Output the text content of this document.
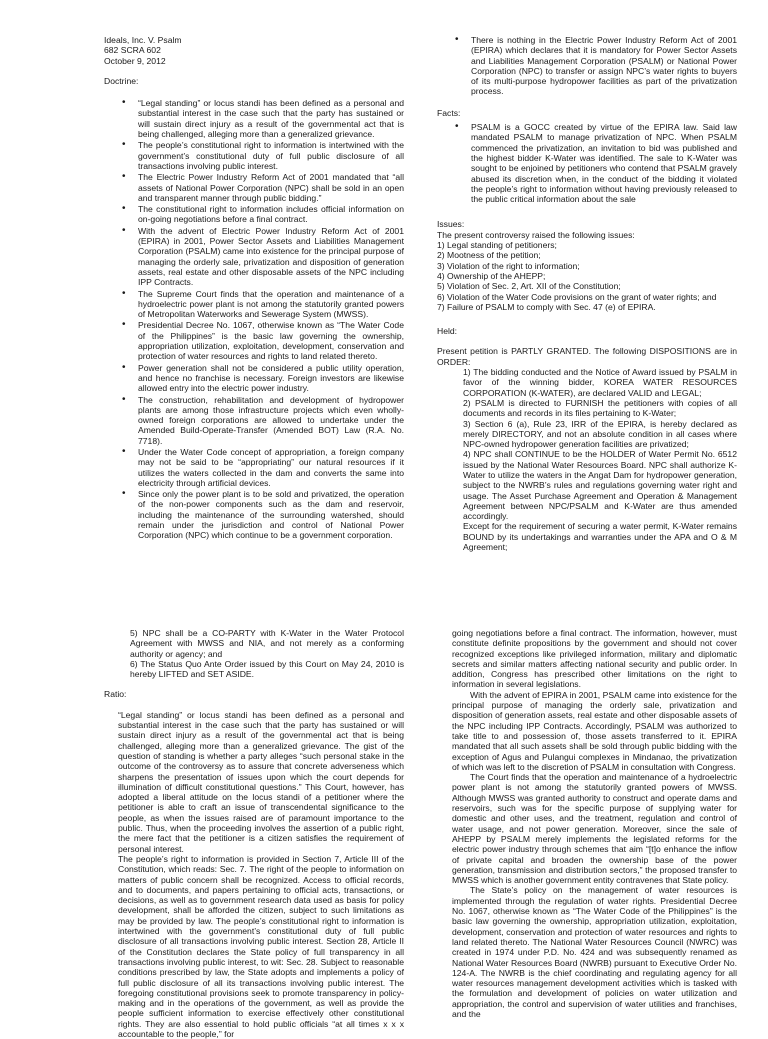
Ideals, Inc. V. Psalm
682 SCRA 602
October 9, 2012
Doctrine:
• “Legal standing” or locus standi has been defined as a personal and substantial interest in the case such that the party has sustained or will sustain direct injury as a result of the governmental act that is being challenged, alleging more than a generalized grievance.
• The people’s constitutional right to information is intertwined with the government’s constitutional duty of full public disclosure of all transactions involving public interest.
• The Electric Power Industry Reform Act of 2001 mandated that “all assets of National Power Corporation (NPC) shall be sold in an open and transparent manner through public bidding.”
• The constitutional right to information includes official information on on-going negotiations before a final contract.
• With the advent of Electric Power Industry Reform Act of 2001 (EPIRA) in 2001, Power Sector Assets and Liabilities Management Corporation (PSALM) came into existence for the principal purpose of managing the orderly sale, privatization and disposition of generation assets, real estate and other disposable assets of the NPC including IPP Contracts.
• The Supreme Court finds that the operation and maintenance of a hydroelectric power plant is not among the statutorily granted powers of Metropolitan Waterworks and Sewerage System (MWSS).
• Presidential Decree No. 1067, otherwise known as “The Water Code of the Philippines” is the basic law governing the ownership, appropriation utilization, exploitation, development, conservation and protection of water resources and rights to land related thereto.
• Power generation shall not be considered a public utility operation, and hence no franchise is necessary. Foreign investors are likewise allowed entry into the electric power industry.
• The construction, rehabilitation and development of hydropower plants are among those infrastructure projects which even wholly-owned foreign corporations are allowed to undertake under the Amended Build-Operate-Transfer (Amended BOT) Law (R.A. No. 7718).
• Under the Water Code concept of appropriation, a foreign company may not be said to be “appropriating” our natural resources if it utilizes the waters collected in the dam and converts the same into electricity through artificial devices.
• Since only the power plant is to be sold and privatized, the operation of the non-power components such as the dam and reservoir, including the maintenance of the surrounding watershed, should remain under the jurisdiction and control of National Power Corporation (NPC) which continue to be a government corporation.
• There is nothing in the Electric Power Industry Reform Act of 2001 (EPIRA) which declares that it is mandatory for Power Sector Assets and Liabilities Management Corporation (PSALM) or National Power Corporation (NPC) to transfer or assign NPC’s water rights to buyers of its multi-purpose hydropower facilities as part of the privatization process.
Facts:
• PSALM is a GOCC created by virtue of the EPIRA law. Said law mandated PSALM to manage privatization of NPC. When PSALM commenced the privatization, an invitation to bid was published and the highest bidder K-Water was identified. The sale to K-Water was sought to be enjoined by petitioners who contend that PSALM gravely abused its discretion when, in the conduct of the bidding it violated the people’s right to information without having previously released to the public critical information about the sale
Issues:
The present controversy raised the following issues:
1) Legal standing of petitioners;
2) Mootness of the petition;
3) Violation of the right to information;
4) Ownership of the AHEPP;
5) Violation of Sec. 2, Art. XII of the Constitution;
6) Violation of the Water Code provisions on the grant of water rights; and
7) Failure of PSALM to comply with Sec. 47 (e) of EPIRA.
Held:

Present petition is PARTLY GRANTED. The following DISPOSITIONS are in ORDER:

1) The bidding conducted and the Notice of Award issued by PSALM in favor of the winning bidder, KOREA WATER RESOURCES CORPORATION (K-WATER), are declared VALID and LEGAL;

2) PSALM is directed to FURNISH the petitioners with copies of all documents and records in its files pertaining to K-Water;

3) Section 6 (a), Rule 23, IRR of the EPIRA, is hereby declared as merely DIRECTORY, and not an absolute condition in all cases where NPC-owned hydropower generation facilities are privatized;

4) NPC shall CONTINUE to be the HOLDER of Water Permit No. 6512 issued by the National Water Resources Board. NPC shall authorize K-Water to utilize the waters in the Angat Dam for hydropower generation, subject to the NWRB’s rules and regulations governing water right and usage. The Asset Purchase Agreement and Operation & Management Agreement between NPC/PSALM and K-Water are thus amended accordingly.

Except for the requirement of securing a water permit, K-Water remains BOUND by its undertakings and warranties under the APA and O & M Agreement;

5) NPC shall be a CO-PARTY with K-Water in the Water Protocol Agreement with MWSS and NIA, and not merely as a conforming authority or agency; and

6) The Status Quo Ante Order issued by this Court on May 24, 2010 is hereby LIFTED and SET ASIDE.

Ratio:

“Legal standing” or locus standi has been defined as a personal and substantial interest in the case such that the party has sustained or will sustain direct injury as a result of the governmental act that is being challenged, alleging more than a generalized grievance. The gist of the question of standing is whether a party alleges “such personal stake in the outcome of the controversy as to assure that concrete adverseness which sharpens the presentation of issues upon which the court depends for illumination of difficult constitutional questions.” This Court, however, has adopted a liberal attitude on the locus standi of a petitioner where the petitioner is able to craft an issue of transcendental significance to the people, as when the issues raised are of paramount importance to the public. Thus, when the proceeding involves the assertion of a public right, the mere fact that the petitioner is a citizen satisfies the requirement of personal interest.

The people’s right to information is provided in Section 7, Article III of the Constitution, which reads: Sec. 7. The right of the people to information on matters of public concern shall be recognized. Access to official records, and to documents, and papers pertaining to official acts, transactions, or decisions, as well as to government research data used as basis for policy development, shall be afforded the citizen, subject to such limitations as may be provided by law. The people’s constitutional right to information is intertwined with the government’s constitutional duty of full public disclosure of all transactions involving public interest. Section 28, Article II of the Constitution declares the State policy of full transparency in all transactions involving public interest, to wit: Sec. 28. Subject to reasonable conditions prescribed by law, the State adopts and implements a policy of full public disclosure of all its transactions involving public interest. The foregoing constitutional provisions seek to promote transparency in policy-making and in the operations of the government, as well as provide the people sufficient information to exercise effectively other constitutional rights. They are also essential to hold public officials “at all times x x x accountable to the people,” for

going negotiations before a final contract. The information, however, must constitute definite propositions by the government and should not cover recognized exceptions like privileged information, military and diplomatic secrets and similar matters affecting national security and public order. In addition, Congress has prescribed other limitations on the right to information in several legislations.

With the advent of EPIRA in 2001, PSALM came into existence for the principal purpose of managing the orderly sale, privatization and disposition of generation assets, real estate and other disposable assets of the NPC including IPP Contracts. Accordingly, PSALM was authorized to take title to and possession of, those assets transferred to it. EPIRA mandated that all such assets shall be sold through public bidding with the exception of Agus and Pulangui complexes in Mindanao, the privatization of which was left to the discretion of PSALM in consultation with Congress.

The Court finds that the operation and maintenance of a hydroelectric power plant is not among the statutorily granted powers of MWSS. Although MWSS was granted authority to construct and operate dams and reservoirs, such was for the specific purpose of supplying water for domestic and other uses, and the treatment, regulation and control of water usage, and not power generation. Moreover, since the sale of AHEPP by PSALM merely implements the legislated reforms for the electric power industry through schemes that aim “[t]o enhance the inflow of private capital and broaden the ownership base of the power generation, transmission and distribution sectors,” the proposed transfer to MWSS which is another government entity contravenes that State policy.

The State’s policy on the management of water resources is implemented through the regulation of water rights. Presidential Decree No. 1067, otherwise known as “The Water Code of the Philippines” is the basic law governing the ownership, appropriation utilization, exploitation, development, conservation and protection of water resources and rights to land related thereto. The National Water Resources Council (NWRC) was created in 1974 under P.D. No. 424 and was subsequently renamed as National Water Resources Board (NWRB) pursuant to Executive Order No. 124-A. The NWRB is the chief coordinating and regulating agency for all water resources management development activities which is tasked with the formulation and development of policies on water utilization and appropriation, the control and supervision of water utilities and franchises, and the
